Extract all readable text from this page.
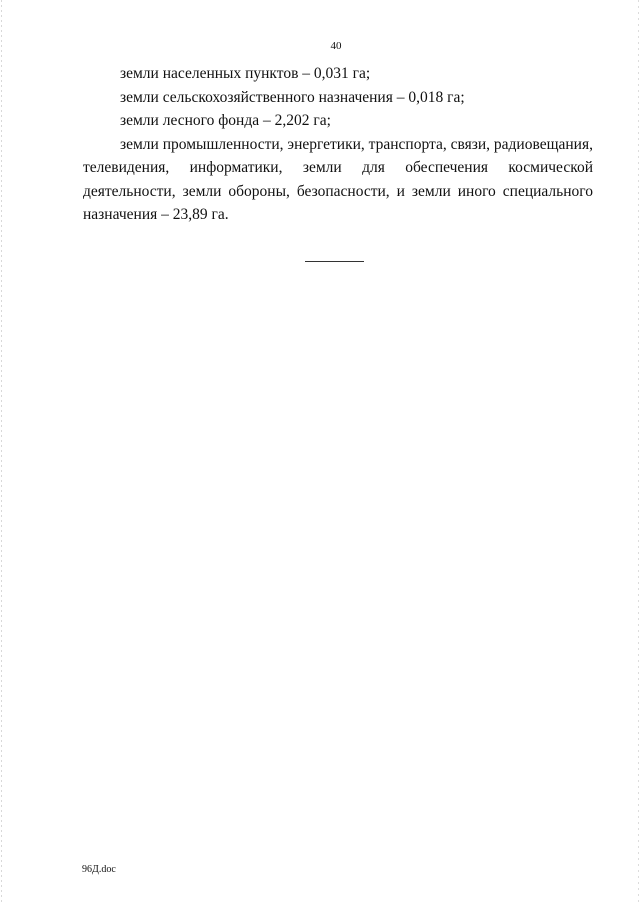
40

земли населенных пунктов – 0,031 га;

земли сельскохозяйственного назначения – 0,018 га;

земли лесного фонда – 2,202 га;

земли промышленности, энергетики, транспорта, связи, радиовещания, телевидения, информатики, земли для обеспечения космической деятельности, земли обороны, безопасности, и земли иного специального назначения – 23,89 га.

96Д.doc
